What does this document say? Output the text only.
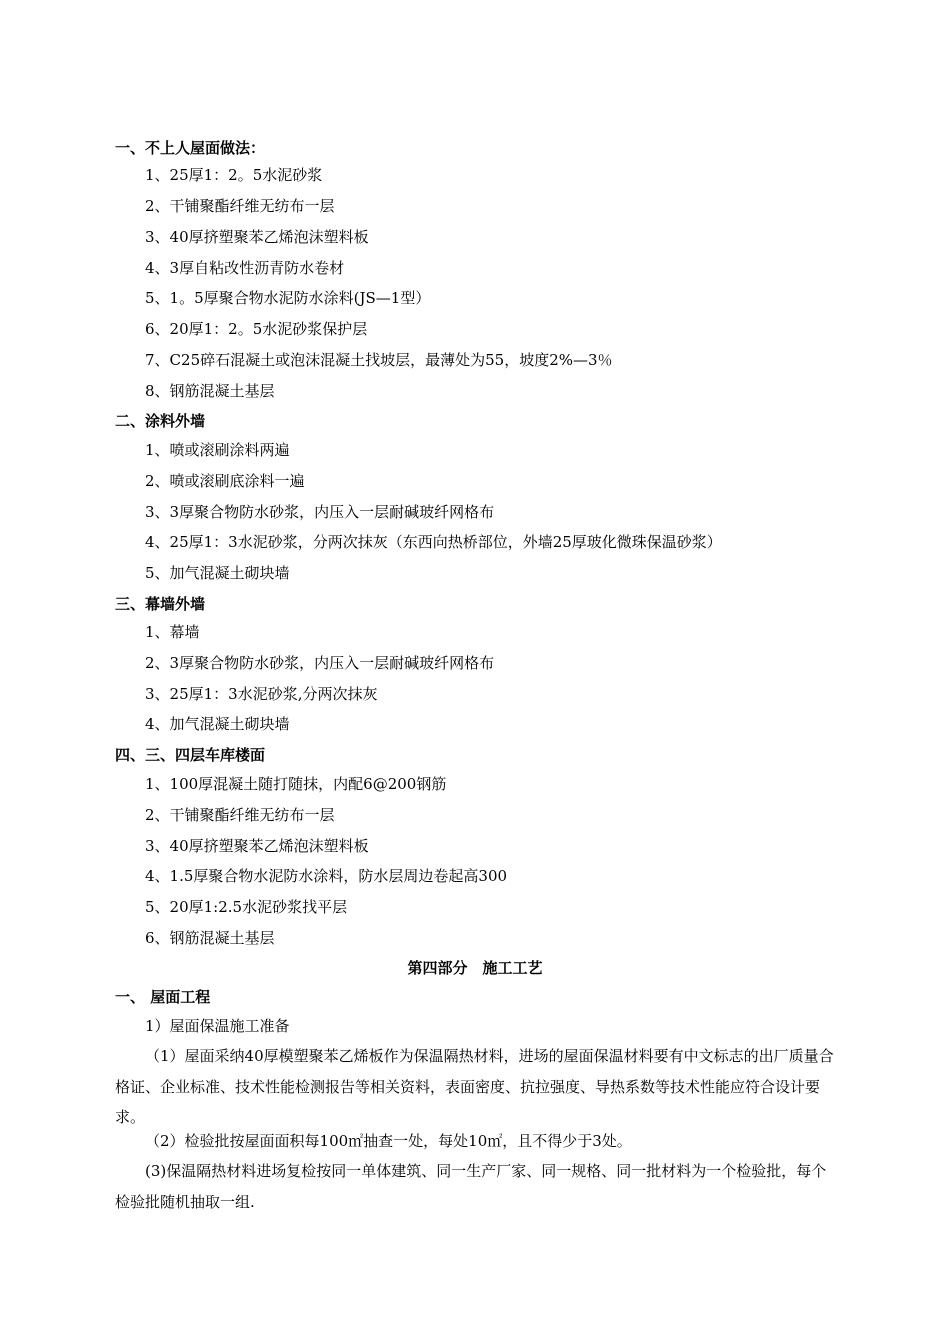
一、不上人屋面做法：
1、25厚1：2。5水泥砂浆
2、干铺聚酯纤维无纺布一层
3、40厚挤塑聚苯乙烯泡沫塑料板
4、3厚自粘改性沥青防水卷材
5、1。5厚聚合物水泥防水涂料(JS—1型）
6、20厚1：2。5水泥砂浆保护层
7、C25碎石混凝土或泡沫混凝土找坡层，最薄处为55，坡度2%—3％
8、钢筋混凝土基层
二、涂料外墙
1、喷或滚刷涂料两遍
2、喷或滚刷底涂料一遍
3、3厚聚合物防水砂浆，内压入一层耐碱玻纤网格布
4、25厚1：3水泥砂浆，分两次抹灰（东西向热桥部位，外墙25厚玻化微珠保温砂浆）
5、加气混凝土砌块墙
三、幕墙外墙
1、幕墙
2、3厚聚合物防水砂浆，内压入一层耐碱玻纤网格布
3、25厚1：3水泥砂浆,分两次抹灰
4、加气混凝土砌块墙
四、三、四层车库楼面
1、100厚混凝土随打随抹，内配6@200钢筋
2、干铺聚酯纤维无纺布一层
3、40厚挤塑聚苯乙烯泡沫塑料板
4、1.5厚聚合物水泥防水涂料，防水层周边卷起高300
5、20厚1:2.5水泥砂浆找平层
6、钢筋混凝土基层
第四部分　施工工艺
一、 屋面工程
1）屋面保温施工准备
（1）屋面采纳40厚模塑聚苯乙烯板作为保温隔热材料，进场的屋面保温材料要有中文标志的出厂质量合格证、企业标准、技术性能检测报告等相关资料，表面密度、抗拉强度、导热系数等技术性能应符合设计要求。
（2）检验批按屋面面积每100㎡抽查一处，每处10㎡，且不得少于3处。
(3)保温隔热材料进场复检按同一单体建筑、同一生产厂家、同一规格、同一批材料为一个检验批，每个检验批随机抽取一组.
